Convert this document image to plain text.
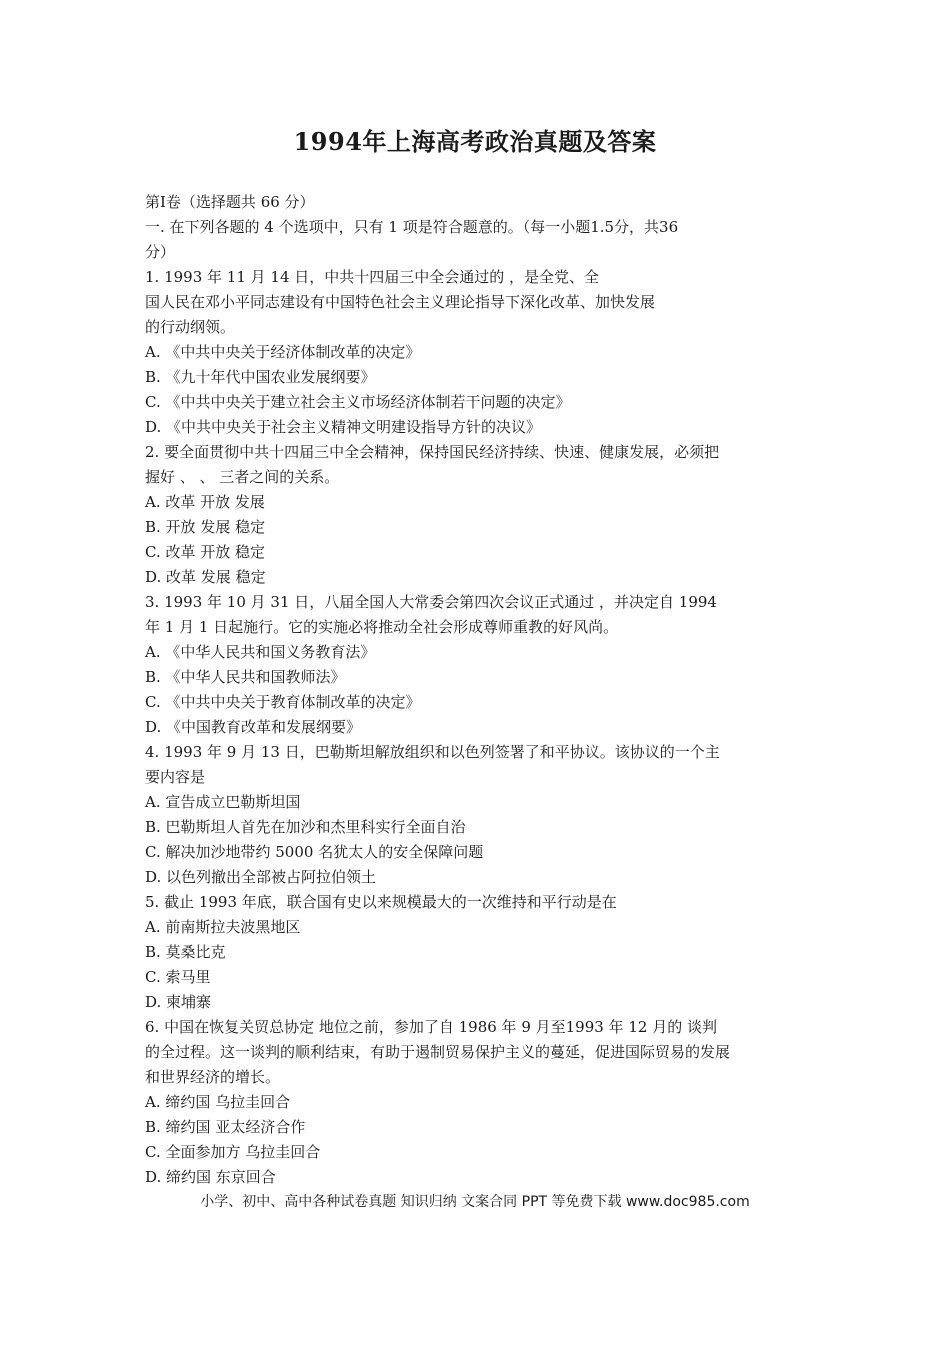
1994年上海高考政治真题及答案
第Ⅰ卷（选择题共 66 分）
一. 在下列各题的 4 个选项中，只有 1 项是符合题意的。（每一小题1.5分，共36
分）
1. 1993 年 11 月 14 日，中共十四届三中全会通过的 ，是全党、全
国人民在邓小平同志建设有中国特色社会主义理论指导下深化改革、加快发展
的行动纲领。
A. 《中共中央关于经济体制改革的决定》
B. 《九十年代中国农业发展纲要》
C. 《中共中央关于建立社会主义市场经济体制若干问题的决定》
D. 《中共中央关于社会主义精神文明建设指导方针的决议》
2. 要全面贯彻中共十四届三中全会精神，保持国民经济持续、快速、健康发展，必须把
握好 、 、 三者之间的关系。
A. 改革 开放 发展
B. 开放 发展 稳定
C. 改革 开放 稳定
D. 改革 发展 稳定
3. 1993 年 10 月 31 日，八届全国人大常委会第四次会议正式通过 ，并决定自 1994
年 1 月 1 日起施行。它的实施必将推动全社会形成尊师重教的好风尚。
A. 《中华人民共和国义务教育法》
B. 《中华人民共和国教师法》
C. 《中共中央关于教育体制改革的决定》
D. 《中国教育改革和发展纲要》
4. 1993 年 9 月 13 日，巴勒斯坦解放组织和以色列签署了和平协议。该协议的一个主
要内容是
A. 宣告成立巴勒斯坦国
B. 巴勒斯坦人首先在加沙和杰里科实行全面自治
C. 解决加沙地带约 5000 名犹太人的安全保障问题
D. 以色列撤出全部被占阿拉伯领土
5. 截止 1993 年底，联合国有史以来规模最大的一次维持和平行动是在
A. 前南斯拉夫波黑地区
B. 莫桑比克
C. 索马里
D. 柬埔寨
6. 中国在恢复关贸总协定 地位之前，参加了自 1986 年 9 月至1993 年 12 月的 谈判
的全过程。这一谈判的顺利结束，有助于遏制贸易保护主义的蔓延，促进国际贸易的发展
和世界经济的增长。
A. 缔约国 乌拉圭回合
B. 缔约国 亚太经济合作
C. 全面参加方 乌拉圭回合
D. 缔约国 东京回合
小学、初中、高中各种试卷真题 知识归纳 文案合同 PPT 等免费下载 www.doc985.com
